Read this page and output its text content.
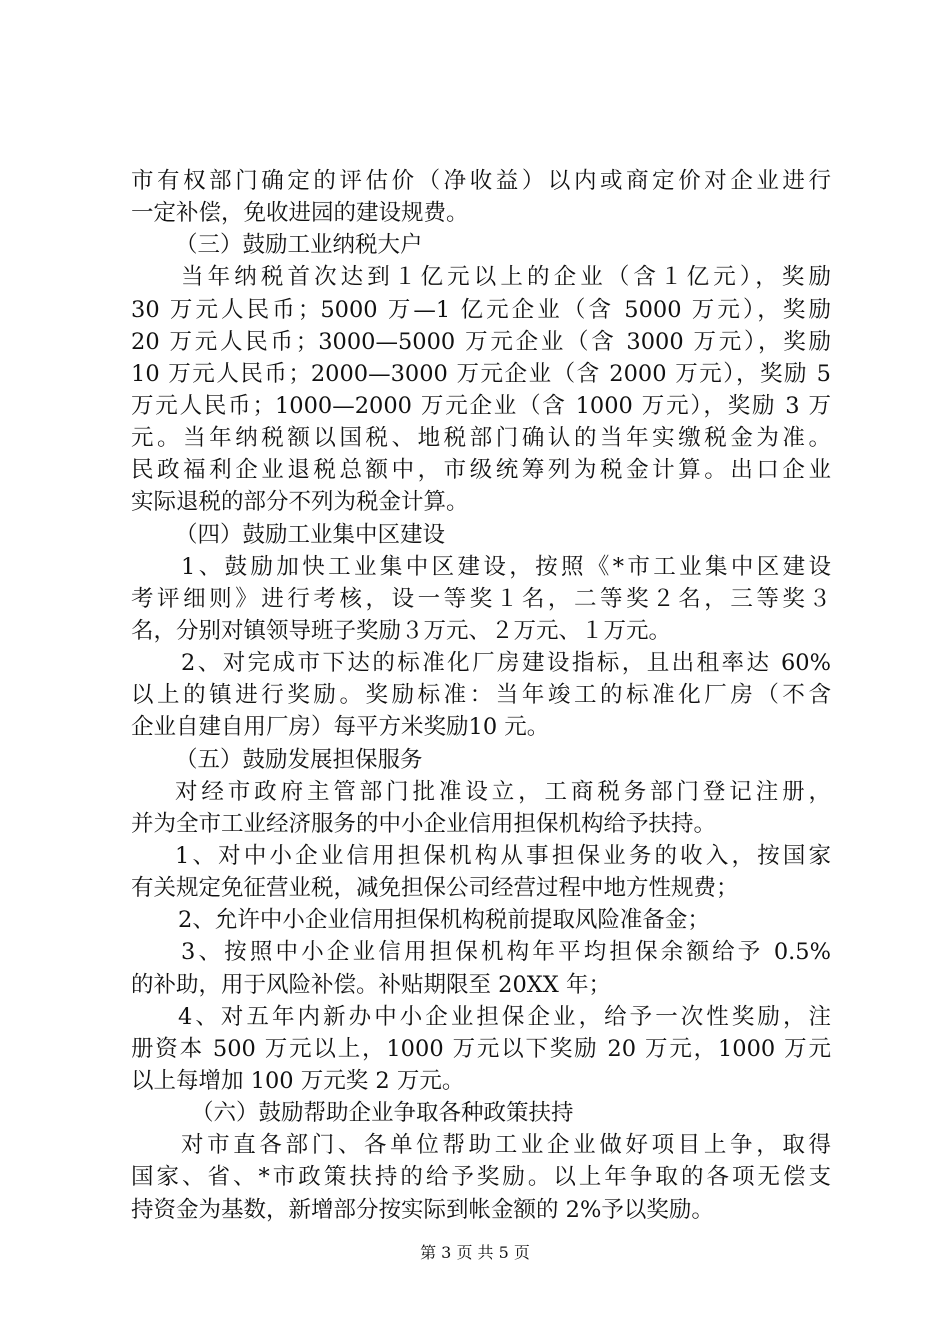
市有权部门确定的评估价（净收益）以内或商定价对企业进行
一定补偿，免收进园的建设规费。
（三）鼓励工业纳税大户
当年纳税首次达到１亿元以上的企业（含１亿元），奖励
30 万元人民币；5000 万—1 亿元企业（含 5000 万元），奖励
20 万元人民币；3000—5000 万元企业（含 3000 万元），奖励
10 万元人民币；2000—3000 万元企业（含 2000 万元），奖励 5
万元人民币；1000—2000 万元企业（含 1000 万元），奖励 3 万
元。当年纳税额以国税、地税部门确认的当年实缴税金为准。
民政福利企业退税总额中，市级统筹列为税金计算。出口企业
实际退税的部分不列为税金计算。
（四）鼓励工业集中区建设
1、鼓励加快工业集中区建设，按照《*市工业集中区建设
考评细则》进行考核，设一等奖１名，二等奖２名，三等奖３
名，分别对镇领导班子奖励３万元、２万元、１万元。
2、对完成市下达的标准化厂房建设指标，且出租率达 60%
以上的镇进行奖励。奖励标准：当年竣工的标准化厂房（不含
企业自建自用厂房）每平方米奖励10 元。
（五）鼓励发展担保服务
对经市政府主管部门批准设立，工商税务部门登记注册，
并为全市工业经济服务的中小企业信用担保机构给予扶持。
1、对中小企业信用担保机构从事担保业务的收入，按国家
有关规定免征营业税，减免担保公司经营过程中地方性规费；
2、允许中小企业信用担保机构税前提取风险准备金；
3、按照中小企业信用担保机构年平均担保余额给予 0.5%
的补助，用于风险补偿。补贴期限至 20XX 年；
4、对五年内新办中小企业担保企业，给予一次性奖励，注
册资本 500 万元以上，1000 万元以下奖励 20 万元，1000 万元
以上每增加 100 万元奖 2 万元。
（六）鼓励帮助企业争取各种政策扶持
对市直各部门、各单位帮助工业企业做好项目上争，取得
国家、省、*市政策扶持的给予奖励。以上年争取的各项无偿支
持资金为基数，新增部分按实际到帐金额的 2%予以奖励。
第 3 页 共 5 页
